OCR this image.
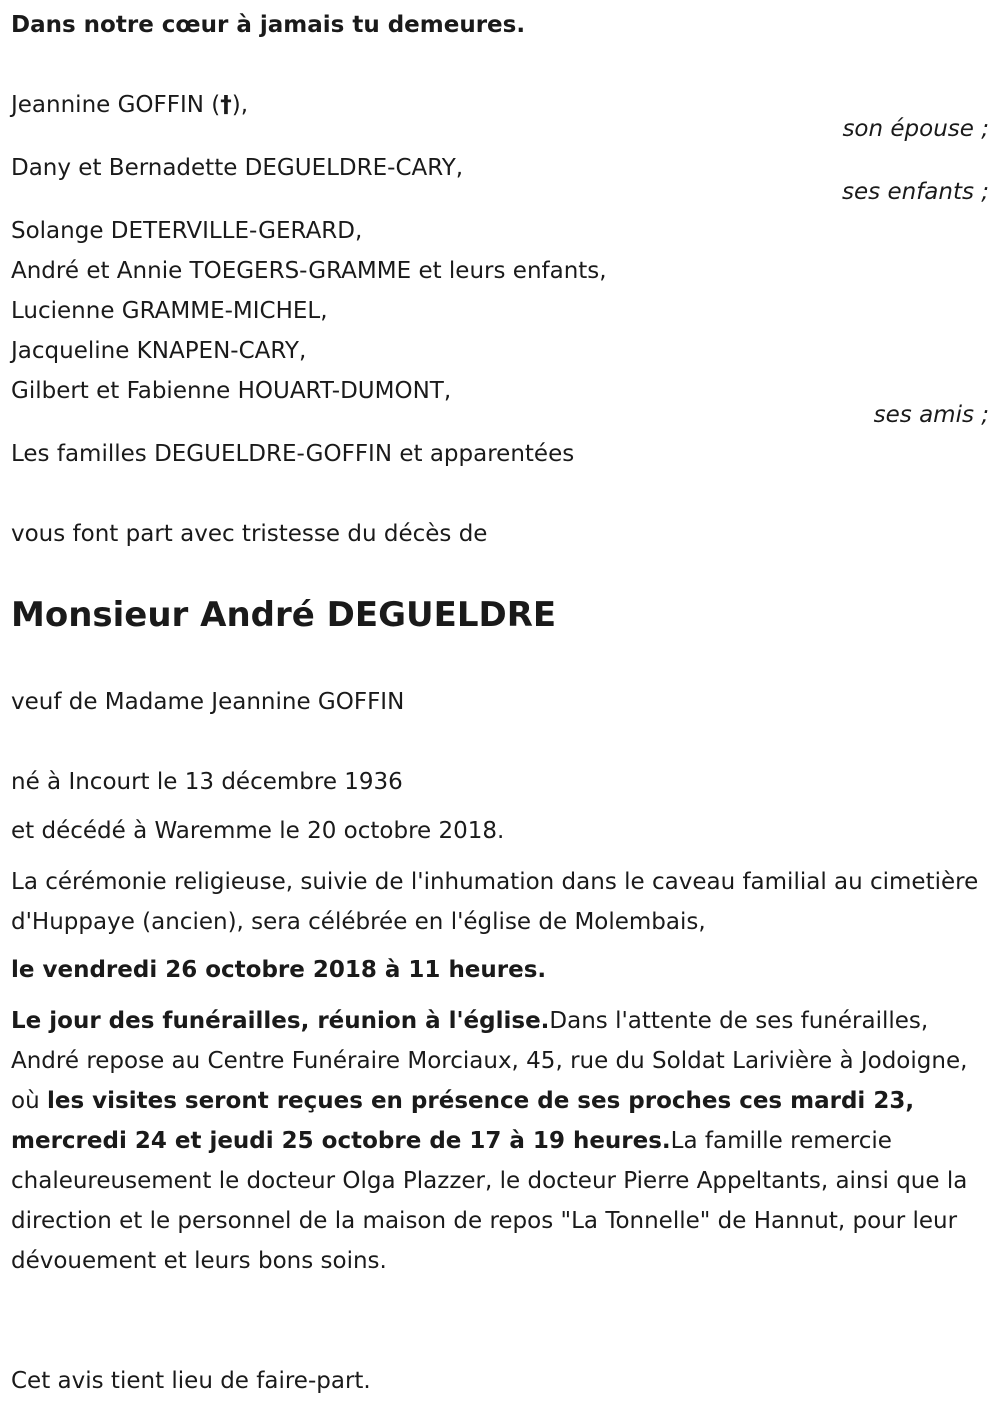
Dans notre cœur à jamais tu demeures.
Jeannine GOFFIN (†),
son épouse ;
Dany et Bernadette DEGUELDRE-CARY,
ses enfants ;
Solange DETERVILLE-GERARD,
André et Annie TOEGERS-GRAMME et leurs enfants,
Lucienne GRAMME-MICHEL,
Jacqueline KNAPEN-CARY,
Gilbert et Fabienne HOUART-DUMONT,
ses amis ;
Les familles DEGUELDRE-GOFFIN et apparentées
vous font part avec tristesse du décès de
Monsieur André DEGUELDRE
veuf de Madame Jeannine GOFFIN
né à Incourt le 13 décembre 1936
et décédé à Waremme le 20 octobre 2018.
La cérémonie religieuse, suivie de l'inhumation dans le caveau familial au cimetière d'Huppaye (ancien), sera célébrée en l'église de Molembais,
le vendredi 26 octobre 2018 à 11 heures.
Le jour des funérailles, réunion à l'église.Dans l'attente de ses funérailles, André repose au Centre Funéraire Morciaux, 45, rue du Soldat Larivière à Jodoigne, où les visites seront reçues en présence de ses proches ces mardi 23, mercredi 24 et jeudi 25 octobre de 17 à 19 heures.La famille remercie chaleureusement le docteur Olga Plazzer, le docteur Pierre Appeltants, ainsi que la direction et le personnel de la maison de repos "La Tonnelle" de Hannut, pour leur dévouement et leurs bons soins.
Cet avis tient lieu de faire-part.
